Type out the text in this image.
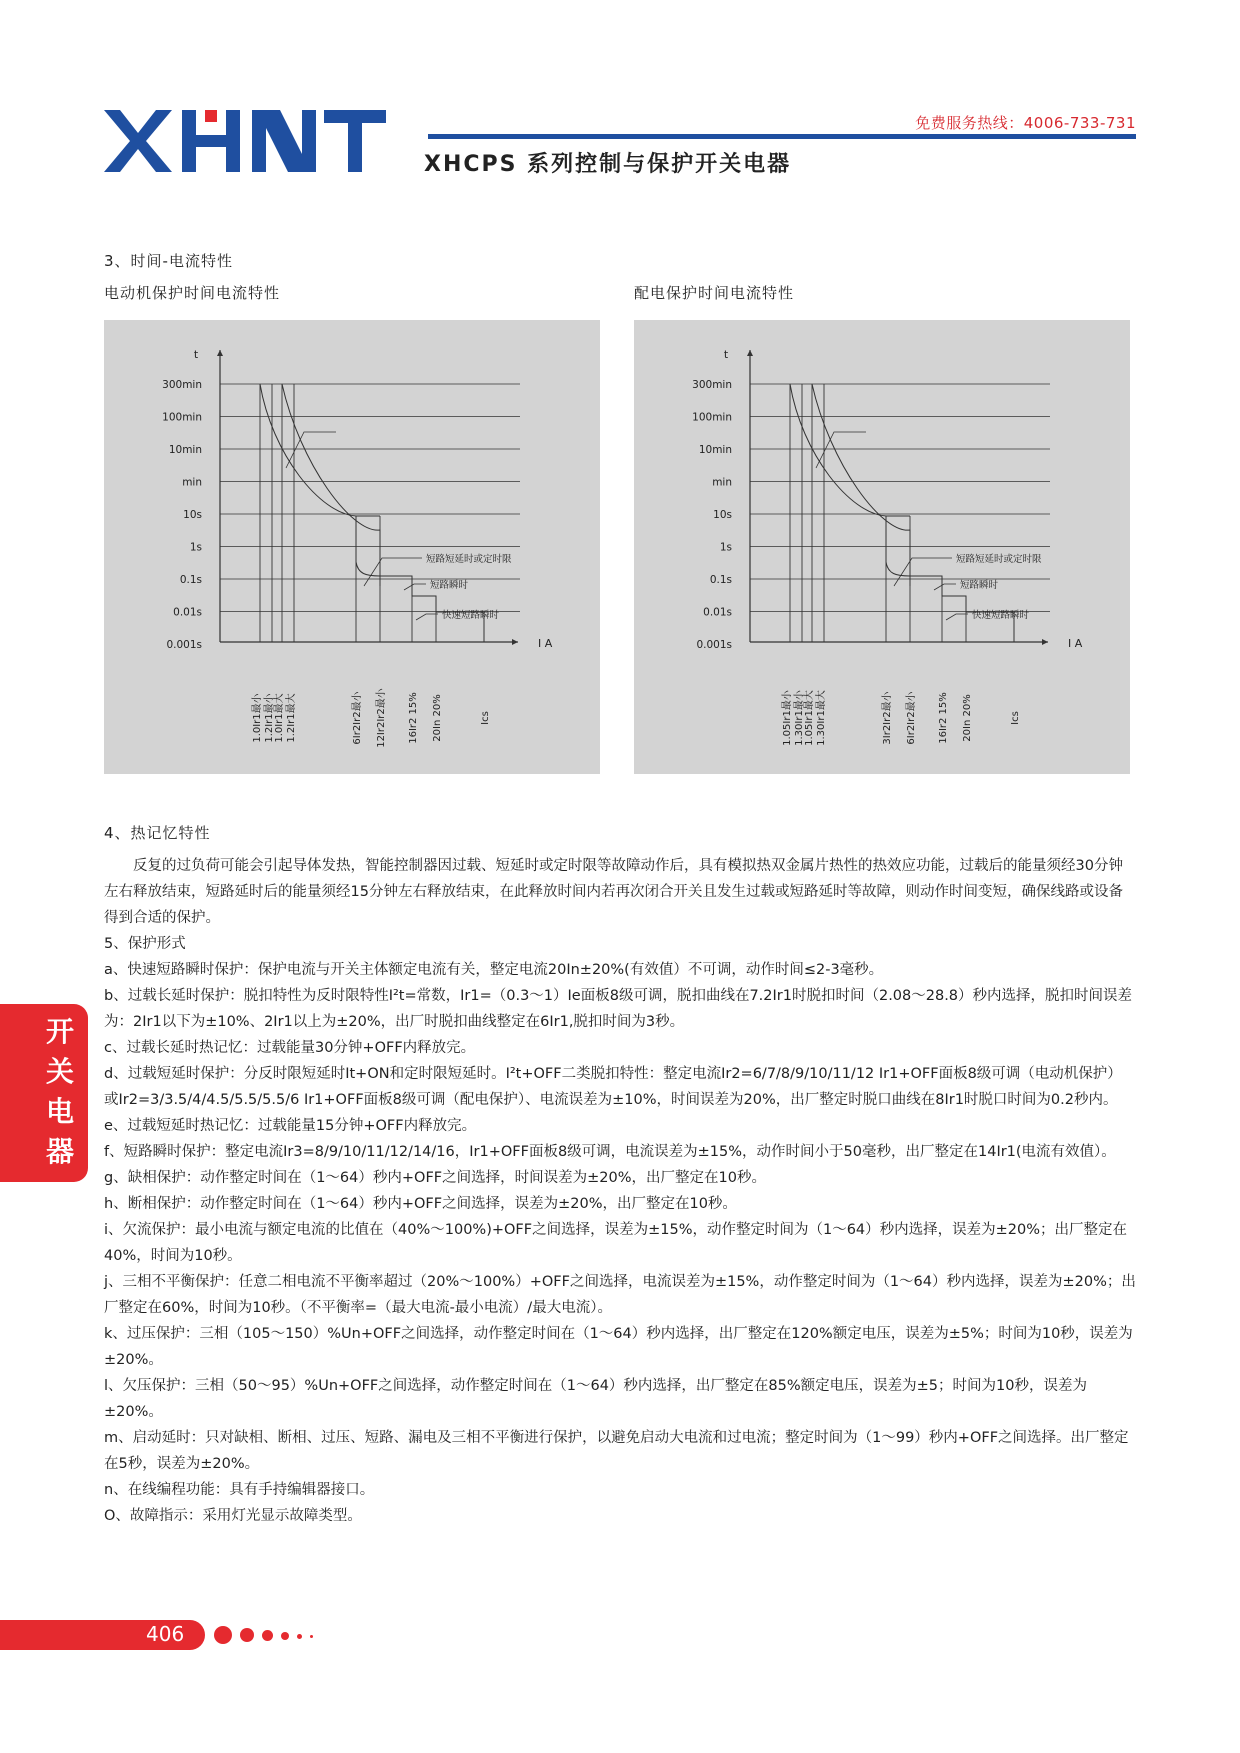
免费服务热线：4006-733-731
XHCPS 系列控制与保护开关电器
3、时间-电流特性
电动机保护时间电流特性	配电保护时间电流特性
t
I A
300min
100min
10min
min
10s
1s
0.1s
0.01s
0.001s
短路短延时或定时限
短路瞬时
快速短路瞬时
1.0Ir1最小 1.2Ir1最小 1.0Ir1最大 1.2Ir1最大	6Ir2Ir2最小 12Ir2Ir2最小 16Ir2 15% 20In 20%	Ics
t
I A
300min
100min
10min
min
10s
1s
0.1s
0.01s
0.001s
短路短延时或定时限
短路瞬时
快速短路瞬时
1.05Ir1最小 1.30Ir1最小 1.05Ir1最大 1.30Ir1最大	3Ir2Ir2最小 6Ir2Ir2最小 16Ir2 15% 20In 20%	Ics
4、热记忆特性

反复的过负荷可能会引起导体发热，智能控制器因过载、短延时或定时限等故障动作后，具有模拟热双金属片热性的热效应功能，过载后的能量须经30分钟左右释放结束，短路延时后的能量须经15分钟左右释放结束，在此释放时间内若再次闭合开关且发生过载或短路延时等故障，则动作时间变短，确保线路或设备得到合适的保护。

5、保护形式

a、快速短路瞬时保护：保护电流与开关主体额定电流有关，整定电流20In±20%(有效值）不可调，动作时间≤2-3毫秒。

b、过载长延时保护：脱扣特性为反时限特性I²t=常数，Ir1=（0.3～1）Ie面板8级可调，脱扣曲线在7.2Ir1时脱扣时间（2.08～28.8）秒内选择，脱扣时间误差为：2Ir1以下为±10%、2Ir1以上为±20%，出厂时脱扣曲线整定在6Ir1,脱扣时间为3秒。

c、过载长延时热记忆：过载能量30分钟+OFF内释放完。

d、过载短延时保护：分反时限短延时It+ON和定时限短延时。I²t+OFF二类脱扣特性：整定电流Ir2=6/7/8/9/10/11/12 Ir1+OFF面板8级可调（电动机保护）或Ir2=3/3.5/4/4.5/5.5/5.5/6 Ir1+OFF面板8级可调（配电保护）、电流误差为±10%，时间误差为20%，出厂整定时脱口曲线在8Ir1时脱口时间为0.2秒内。

e、过载短延时热记忆：过载能量15分钟+OFF内释放完。

f、短路瞬时保护：整定电流Ir3=8/9/10/11/12/14/16，Ir1+OFF面板8级可调，电流误差为±15%，动作时间小于50毫秒，出厂整定在14Ir1(电流有效值）。

g、缺相保护：动作整定时间在（1～64）秒内+OFF之间选择，时间误差为±20%，出厂整定在10秒。

h、断相保护：动作整定时间在（1～64）秒内+OFF之间选择，误差为±20%，出厂整定在10秒。

i、欠流保护：最小电流与额定电流的比值在（40%～100%)+OFF之间选择，误差为±15%，动作整定时间为（1～64）秒内选择，误差为±20%；出厂整定在40%，时间为10秒。

j、三相不平衡保护：任意二相电流不平衡率超过（20%～100%）+OFF之间选择，电流误差为±15%，动作整定时间为（1～64）秒内选择，误差为±20%；出厂整定在60%，时间为10秒。（不平衡率=（最大电流-最小电流）/最大电流）。

k、过压保护：三相（105～150）%Un+OFF之间选择，动作整定时间在（1～64）秒内选择，出厂整定在120%额定电压，误差为±5%；时间为10秒，误差为±20%。

l、欠压保护：三相（50～95）%Un+OFF之间选择，动作整定时间在（1～64）秒内选择，出厂整定在85%额定电压，误差为±5；时间为10秒，误差为±20%。

m、启动延时：只对缺相、断相、过压、短路、漏电及三相不平衡进行保护，以避免启动大电流和过电流；整定时间为（1～99）秒内+OFF之间选择。出厂整定在5秒，误差为±20%。

n、在线编程功能：具有手持编辑器接口。

O、故障指示：采用灯光显示故障类型。

开关电器
406
